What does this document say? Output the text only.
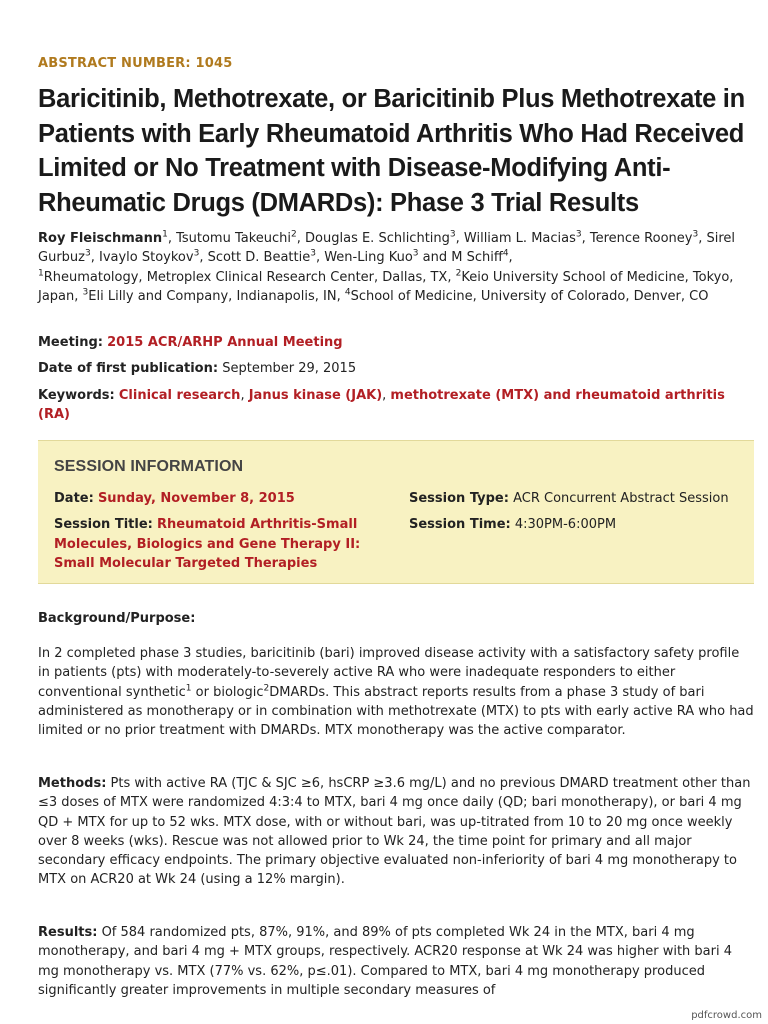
ABSTRACT NUMBER: 1045
Baricitinib, Methotrexate, or Baricitinib Plus Methotrexate in Patients with Early Rheumatoid Arthritis Who Had Received Limited or No Treatment with Disease-Modifying Anti-Rheumatic Drugs (DMARDs): Phase 3 Trial Results
Roy Fleischmann$^1$, Tsutomu Takeuchi$^2$, Douglas E. Schlichting$^3$, William L. Macias$^3$, Terence Rooney$^3$, Sirel Gurbuz$^3$, Ivaylo Stoykov$^3$, Scott D. Beattie$^3$, Wen-Ling Kuo$^3$ and M Schiff$^4$,
$^1$Rheumatology, Metroplex Clinical Research Center, Dallas, TX, $^2$Keio University School of Medicine, Tokyo, Japan, $^3$Eli Lilly and Company, Indianapolis, IN, $^4$School of Medicine, University of Colorado, Denver, CO
Meeting: 2015 ACR/ARHP Annual Meeting
Date of first publication: September 29, 2015
Keywords: Clinical research, Janus kinase (JAK), methotrexate (MTX) and rheumatoid arthritis (RA)
SESSION INFORMATION
Date: Sunday, November 8, 2015
Session Title: Rheumatoid Arthritis-Small Molecules, Biologics and Gene Therapy II: Small Molecular Targeted Therapies
Session Type: ACR Concurrent Abstract Session
Session Time: 4:30PM-6:00PM
Background/Purpose:

In 2 completed phase 3 studies, baricitinib (bari) improved disease activity with a satisfactory safety profile in patients (pts) with moderately-to-severely active RA who were inadequate responders to either conventional synthetic$^1$ or biologic$^2$DMARDs. This abstract reports results from a phase 3 study of bari administered as monotherapy or in combination with methotrexate (MTX) to pts with early active RA who had limited or no prior treatment with DMARDs. MTX monotherapy was the active comparator.

Methods: Pts with active RA (TJC & SJC ≥6, hsCRP ≥3.6 mg/L) and no previous DMARD treatment other than ≤3 doses of MTX were randomized 4:3:4 to MTX, bari 4 mg once daily (QD; bari monotherapy), or bari 4 mg QD + MTX for up to 52 wks. MTX dose, with or without bari, was up-titrated from 10 to 20 mg once weekly over 8 weeks (wks). Rescue was not allowed prior to Wk 24, the time point for primary and all major secondary efficacy endpoints. The primary objective evaluated non-inferiority of bari 4 mg monotherapy to MTX on ACR20 at Wk 24 (using a 12% margin).

Results: Of 584 randomized pts, 87%, 91%, and 89% of pts completed Wk 24 in the MTX, bari 4 mg monotherapy, and bari 4 mg + MTX groups, respectively. ACR20 response at Wk 24 was higher with bari 4 mg monotherapy vs. MTX (77% vs. 62%, p≤.01). Compared to MTX, bari 4 mg monotherapy produced significantly greater improvements in multiple secondary measures of

pdfcrowd.com
